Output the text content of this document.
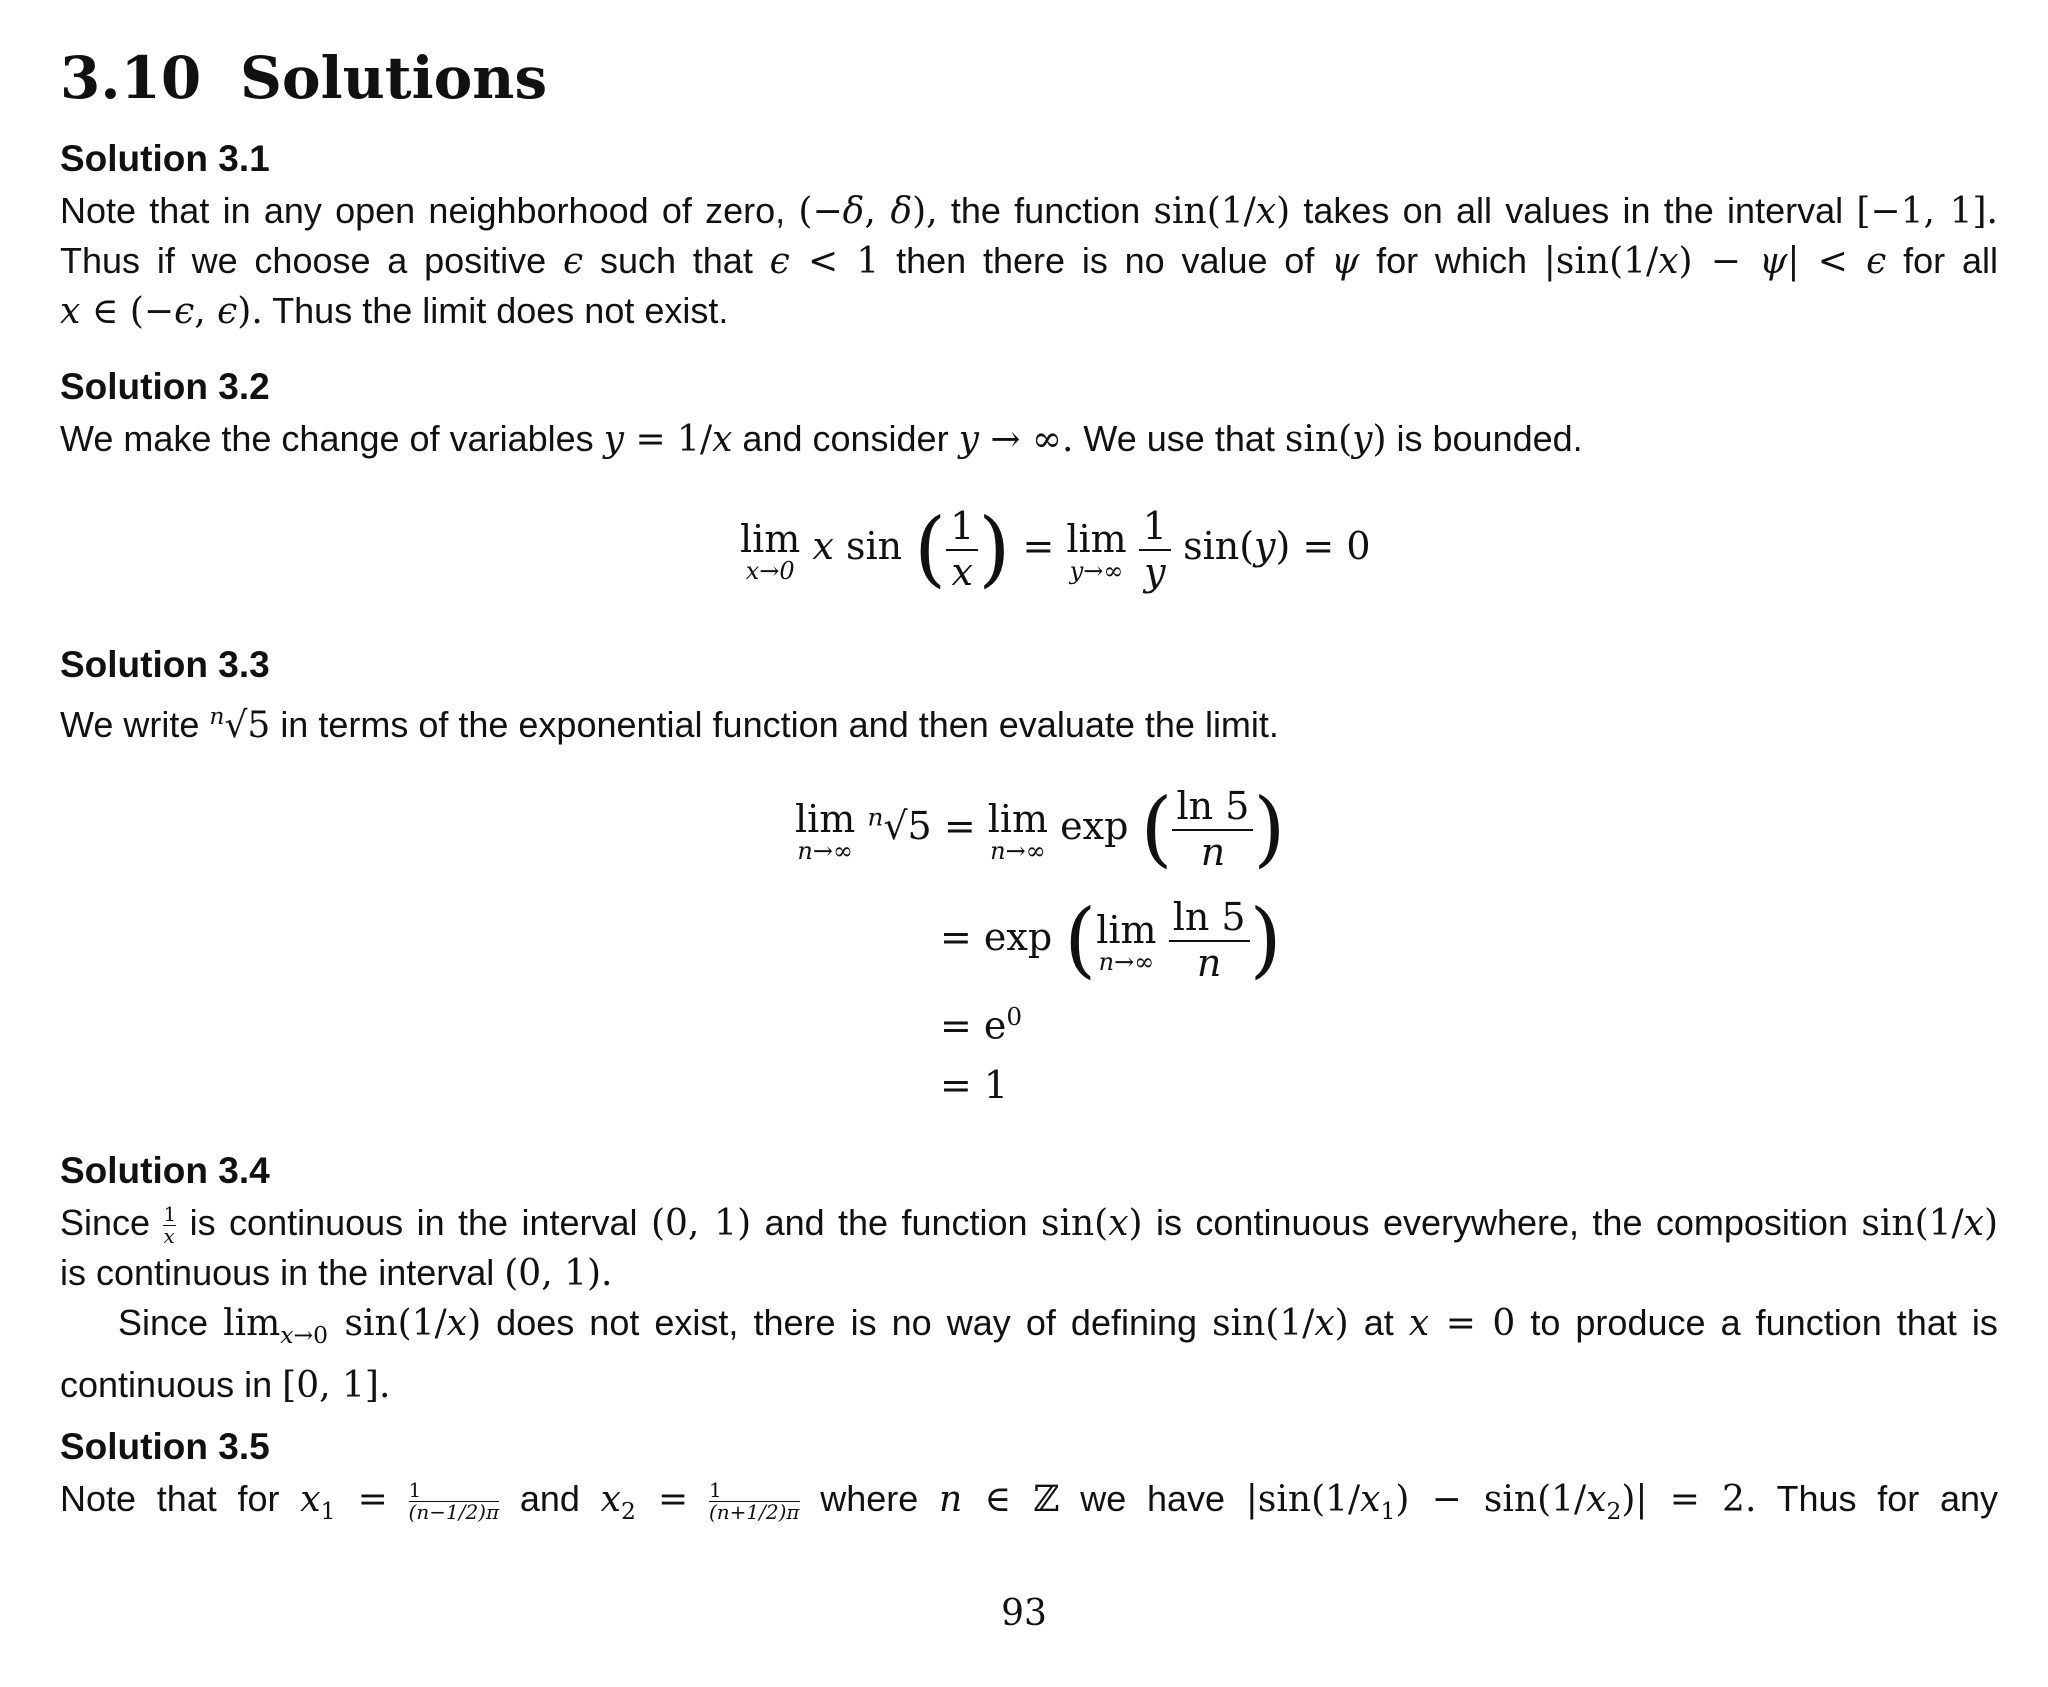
3.10 Solutions
Solution 3.1
Note that in any open neighborhood of zero, (−δ, δ), the function sin(1/x) takes on all values in the interval [−1, 1].
Thus if we choose a positive ϵ such that ϵ < 1 then there is no value of ψ for which |sin(1/x) − ψ| < ϵ for all
x ∈ (−ϵ, ϵ). Thus the limit does not exist.
Solution 3.2
We make the change of variables y = 1/x and consider y → ∞. We use that sin(y) is bounded.
lim
x→0
x sin ( $\frac{1}{x}$ ) = lim
y→∞
$\frac{1}{y} \sin(y) = 0$
Solution 3.3
We write $^n$√5 in terms of the exponential function and then evaluate the limit.
lim
n→∞
$^n$√5 = lim
n→∞
exp ( $\frac{\ln 5}{n}$ )
= exp (lim
n→∞
$\frac{\ln 5}{n}$ )
= $e^0$
= 1
Solution 3.4
Since $\frac{1}{x}$ is continuous in the interval (0, 1) and the function sin(x) is continuous everywhere, the composition sin(1/x)
is continuous in the interval (0, 1).
Since $\lim_{x\to 0} \sin(1/x)$ does not exist, there is no way of defining sin(1/x) at x = 0 to produce a function that is
continuous in [0, 1].
Solution 3.5
Note that for $x_1 = \frac{1}{(n-1/2)\pi}$ and $x_2 = \frac{1}{(n+1/2)\pi}$ where n ∈ ℤ we have $|\sin(1/x_1) - \sin(1/x_2)| = 2$. Thus for any
93
